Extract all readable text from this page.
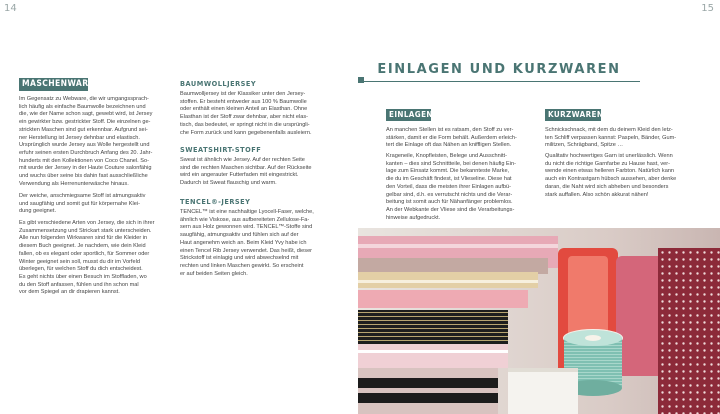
14	15
MASCHENWARE
Im Gegensatz zu Webware, die wir umgangssprach-
lich häufig als einfache Baumwolle bezeichnen und
die, wie der Name schon sagt, gewebt wird, ist Jersey
ein gewirkter bzw. gestrickter Stoff. Die einzelnen ge-
strickten Maschen sind gut erkennbar. Aufgrund sei-
ner Herstellung ist Jersey dehnbar und elastisch.
Ursprünglich wurde Jersey aus Wolle hergestellt und
erfuhr seinen ersten Durchbruch Anfang des 20. Jahr-
hunderts mit den Kollektionen von Coco Chanel. So-
mit wurde der Jersey in der Haute Couture salonfähig
und wuchs über seine bis dahin fast ausschließliche
Verwendung als Herrenunterwäsche hinaus.
Der weiche, anschmiegsame Stoff ist atmungsaktiv
und saugfähig und somit gut für körpernahe Klei-
dung geeignet.
Es gibt verschiedene Arten von Jersey, die sich in ihrer
Zusammensetzung und Strickart stark unterscheiden.
Alle nun folgenden Wirkwaren sind für die Kleider in
diesem Buch geeignet. Je nachdem, wie dein Kleid
fallen, ob es elegant oder sportlich, für Sommer oder
Winter geeignet sein soll, musst du dir im Vorfeld
überlegen, für welchen Stoff du dich entscheidest.
Es geht nichts über einen Besuch im Stoffladen, wo
du den Stoff anfassen, fühlen und ihn schon mal
vor dem Spiegel an dir drapieren kannst.
BAUMWOLLJERSEY
Baumwolljersey ist der Klassiker unter den Jersey-
stoffen. Er besteht entweder aus 100 % Baumwolle
oder enthält einen kleinen Anteil an Elasthan. Ohne
Elasthan ist der Stoff zwar dehnbar, aber nicht elas-
tisch, das bedeutet, er springt nicht in die ursprüngli-
che Form zurück und kann gegebenenfalls ausleiern.
SWEATSHIRT-STOFF
Sweat ist ähnlich wie Jersey. Auf der rechten Seite
sind die rechten Maschen sichtbar. Auf der Rückseite
wird ein angerauter Futterfaden mit eingestrickt.
Dadurch ist Sweat flauschig und warm.
TENCEL®-JERSEY
TENCEL™ ist eine nachhaltige Lyocell-Faser, welche,
ähnlich wie Viskose, aus aufbereiteten Zellulose-Fa-
sern aus Holz gewonnen wird. TENCEL™-Stoffe sind
saugfähig, atmungsaktiv und fühlen sich auf der
Haut angenehm weich an. Beim Kleid Yvy habe ich
einen Tencel Rib Jersey verwendet. Das heißt, dieser
Strickstoff ist einlagig und wird abwechselnd mit
rechten und linken Maschen gewirkt. So erscheint
er auf beiden Seiten gleich.
EINLAGEN UND KURZWAREN
EINLAGEN
An manchen Stellen ist es ratsam, den Stoff zu ver-
stärken, damit er die Form behält. Außerdem erleich-
tert die Einlage oft das Nähen an kniffligen Stellen.
Krageneile, Knopfleisten, Belege und Ausschnitt-
kanten – dies sind Schnittteile, bei denen häufig Ein-
lage zum Einsatz kommt. Die bekannteste Marke,
die du im Geschäft findest, ist Vlieseline. Diese hat
den Vorteil, dass die meisten ihrer Einlagen aufbü-
gelbar sind, d.h. es verrutscht nichts und die Verar-
beitung ist somit auch für Nähanfänger problemlos.
An der Webkante der Vliese sind die Verarbeitungs-
hinweise aufgedruckt.
KURZWAREN
Schnickschnack, mit dem du deinem Kleid den letz-
ten Schliff verpassen kannst: Paspeln, Bänder, Gum-
militzen, Schrägband, Spitze …
Qualitativ hochwertiges Garn ist unerlässlich. Wenn
du nicht die richtige Garnfarbe zu Hause hast, ver-
wende einen etwas helleren Farbton. Natürlich kann
auch ein Kontrastgarn hübsch aussehen, aber denke
daran, die Naht wird sich abheben und besonders
stark auffallen. Also schön akkurat nähen!
